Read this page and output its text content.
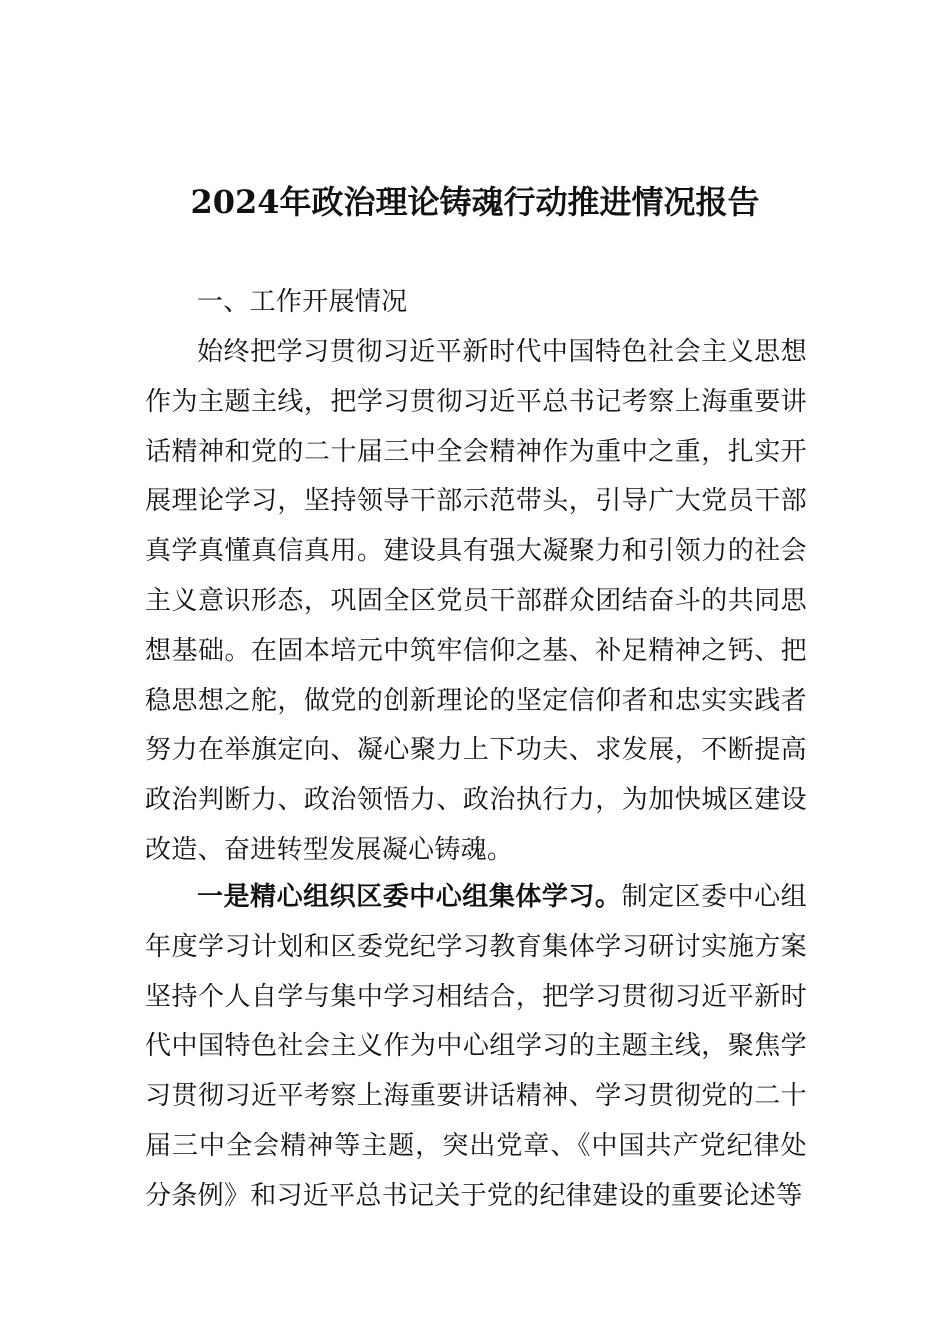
2024年政治理论铸魂行动推进情况报告
一、工作开展情况
始终把学习贯彻习近平新时代中国特色社会主义思想作为主题主线，把学习贯彻习近平总书记考察上海重要讲话精神和党的二十届三中全会精神作为重中之重，扎实开展理论学习，坚持领导干部示范带头，引导广大党员干部真学真懂真信真用。建设具有强大凝聚力和引领力的社会主义意识形态，巩固全区党员干部群众团结奋斗的共同思想基础。在固本培元中筑牢信仰之基、补足精神之钙、把稳思想之舵，做党的创新理论的坚定信仰者和忠实实践者努力在举旗定向、凝心聚力上下功夫、求发展，不断提高政治判断力、政治领悟力、政治执行力，为加快城区建设改造、奋进转型发展凝心铸魂。
一是精心组织区委中心组集体学习。制定区委中心组年度学习计划和区委党纪学习教育集体学习研讨实施方案坚持个人自学与集中学习相结合，把学习贯彻习近平新时代中国特色社会主义作为中心组学习的主题主线，聚焦学习贯彻习近平考察上海重要讲话精神、学习贯彻党的二十届三中全会精神等主题，突出党章、《中国共产党纪律处分条例》和习近平总书记关于党的纪律建设的重要论述等
